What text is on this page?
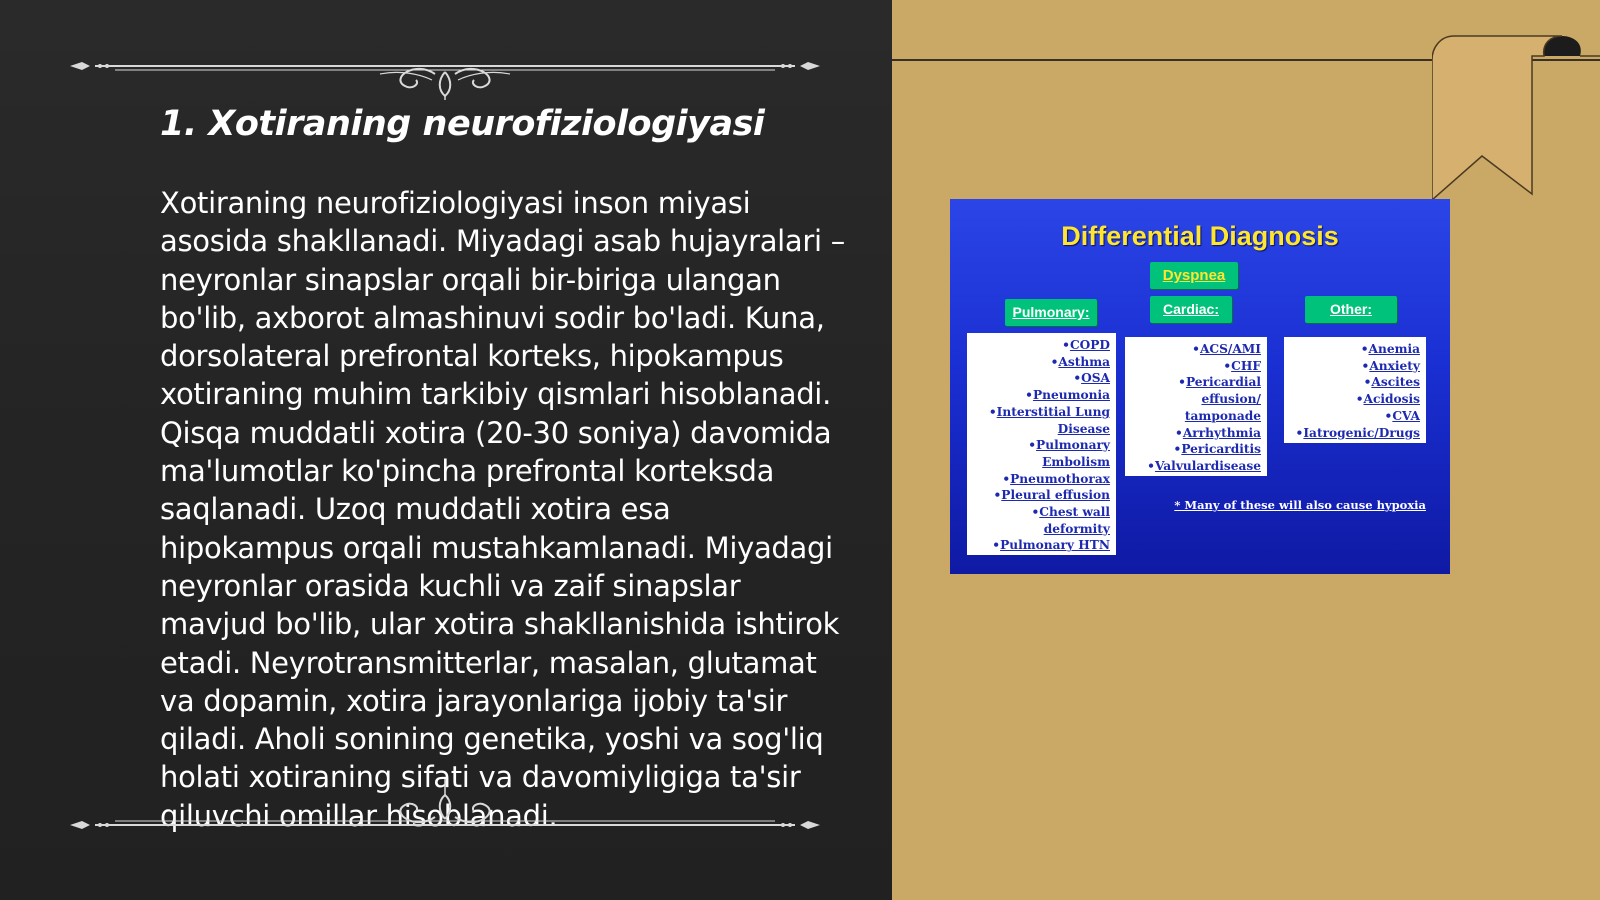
1. Xotiraning neurofiziologiyasi

Xotiraning neurofiziologiyasi inson miyasi asosida shakllanadi. Miyadagi asab hujayralari – neyronlar sinapslar orqali bir-biriga ulangan bo'lib, axborot almashinuvi sodir bo'ladi. Kuna, dorsolateral prefrontal korteks, hipokampus xotiraning muhim tarkibiy qismlari hisoblanadi. Qisqa muddatli xotira (20-30 soniya) davomida ma'lumotlar ko'pincha prefrontal korteksda saqlanadi. Uzoq muddatli xotira esa hipokampus orqali mustahkamlanadi. Miyadagi neyronlar orasida kuchli va zaif sinapslar mavjud bo'lib, ular xotira shakllanishida ishtirok etadi. Neyrotransmitterlar, masalan, glutamat va dopamin, xotira jarayonlariga ijobiy ta'sir qiladi. Aholi sonining genetika, yoshi va sog'liq holati xotiraning sifati va davomiyligiga ta'sir qiluvchi omillar hisoblanadi.

Differential Diagnosis
Dyspnea
Pulmonary:	Cardiac:	Other:
• COPD
• Asthma
• OSA
• Pneumonia
• Interstitial Lung Disease
• Pulmonary Embolism
• Pneumothorax
• Pleural effusion
• Chest wall deformity
• Pulmonary HTN
• ACS/AMI
• CHF
• Pericardial effusion/ tamponade
• Arrhythmia
• Pericarditis
• Valvulardisease
• Anemia
• Anxiety
• Ascites
• Acidosis
• CVA
• Iatrogenic/Drugs
* Many of these will also cause hypoxia
